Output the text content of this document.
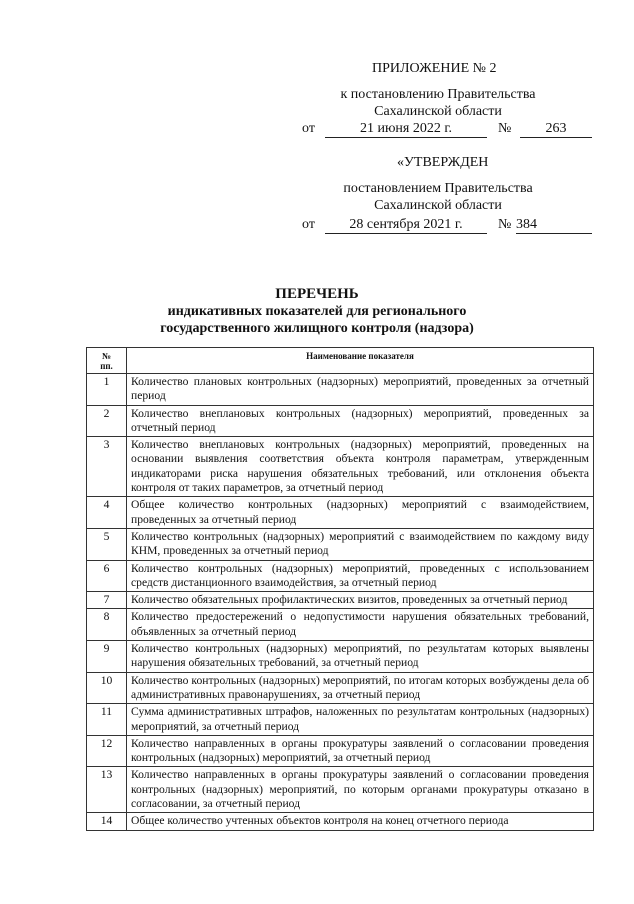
ПРИЛОЖЕНИЕ № 2
к постановлению Правительства
Сахалинской области
от	21 июня 2022 г.	№	263
«УТВЕРЖДЕН
постановлением Правительства
Сахалинской области
от	28 сентября 2021 г.	№ 384
ПЕРЕЧЕНЬ
индикативных показателей для регионального
государственного жилищного контроля (надзора)
№
пп.	Наименование показателя
1	Количество плановых контрольных (надзорных) мероприятий, проведенных за отчетный период
2	Количество внеплановых контрольных (надзорных) мероприятий, проведенных за отчетный период
3	Количество внеплановых контрольных (надзорных) мероприятий, проведенных на основании выявления соответствия объекта контроля параметрам, утвержденным индикаторами риска нарушения обязательных требований, или отклонения объекта контроля от таких параметров, за отчетный период
4	Общее количество контрольных (надзорных) мероприятий с взаимодействием, проведенных за отчетный период
5	Количество контрольных (надзорных) мероприятий с взаимодействием по каждому виду КНМ, проведенных за отчетный период
6	Количество контрольных (надзорных) мероприятий, проведенных с использованием средств дистанционного взаимодействия, за отчетный период
7	Количество обязательных профилактических визитов, проведенных за отчетный период
8	Количество предостережений о недопустимости нарушения обязательных требований, объявленных за отчетный период
9	Количество контрольных (надзорных) мероприятий, по результатам которых выявлены нарушения обязательных требований, за отчетный период
10	Количество контрольных (надзорных) мероприятий, по итогам которых возбуждены дела об административных правонарушениях, за отчетный период
11	Сумма административных штрафов, наложенных по результатам контрольных (надзорных) мероприятий, за отчетный период
12	Количество направленных в органы прокуратуры заявлений о согласовании проведения контрольных (надзорных) мероприятий, за отчетный период
13	Количество направленных в органы прокуратуры заявлений о согласовании проведения контрольных (надзорных) мероприятий, по которым органами прокуратуры отказано в согласовании, за отчетный период
14	Общее количество учтенных объектов контроля на конец отчетного периода
